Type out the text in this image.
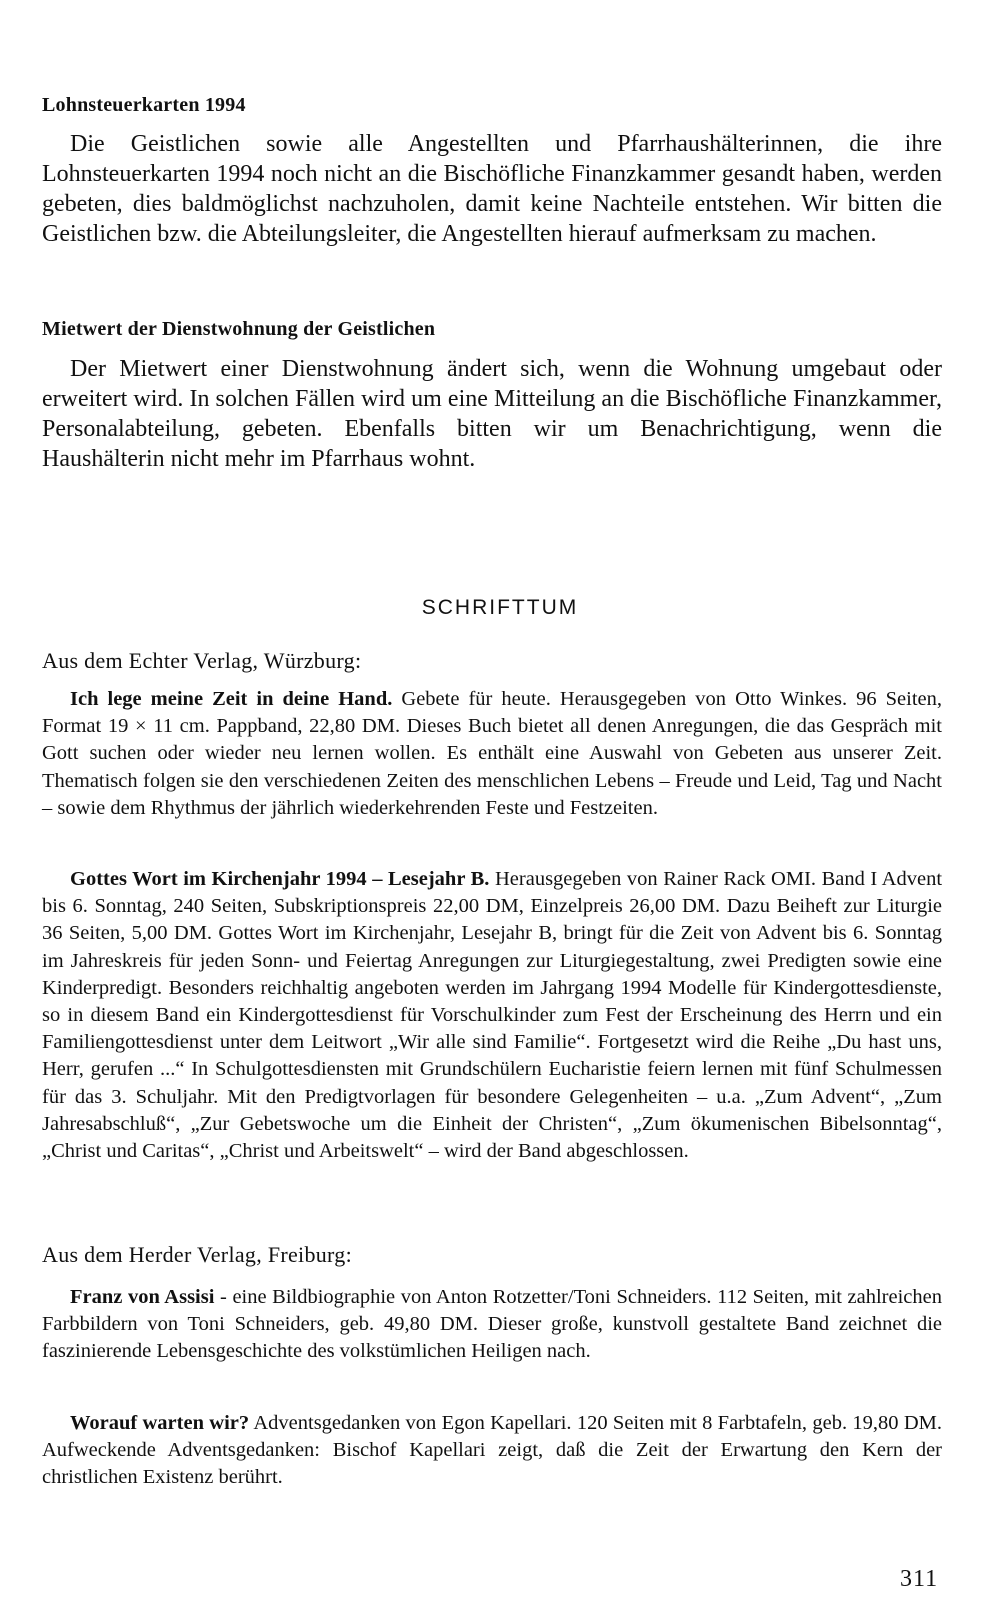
Lohnsteuerkarten 1994
Die Geistlichen sowie alle Angestellten und Pfarrhaushälterinnen, die ihre Lohnsteuerkarten 1994 noch nicht an die Bischöfliche Finanzkammer gesandt haben, werden gebeten, dies baldmöglichst nachzuholen, damit keine Nachteile entstehen. Wir bitten die Geistlichen bzw. die Abteilungsleiter, die Angestellten hierauf aufmerksam zu machen.
Mietwert der Dienstwohnung der Geistlichen
Der Mietwert einer Dienstwohnung ändert sich, wenn die Wohnung umgebaut oder erweitert wird. In solchen Fällen wird um eine Mitteilung an die Bischöfliche Finanzkammer, Personalabteilung, gebeten. Ebenfalls bitten wir um Benachrichtigung, wenn die Haushälterin nicht mehr im Pfarrhaus wohnt.
Aus dem Echter Verlag, Würzburg:
Ich lege meine Zeit in deine Hand. Gebete für heute. Herausgegeben von Otto Winkes. 96 Seiten, Format 19 × 11 cm. Pappband, 22,80 DM. Dieses Buch bietet all denen Anregungen, die das Gespräch mit Gott suchen oder wieder neu lernen wollen. Es enthält eine Auswahl von Gebeten aus unserer Zeit. Thematisch folgen sie den verschiedenen Zeiten des menschlichen Lebens – Freude und Leid, Tag und Nacht – sowie dem Rhythmus der jährlich wiederkehrenden Feste und Festzeiten.
Gottes Wort im Kirchenjahr 1994 – Lesejahr B. Herausgegeben von Rainer Rack OMI. Band I Advent bis 6. Sonntag, 240 Seiten, Subskriptionspreis 22,00 DM, Einzelpreis 26,00 DM. Dazu Beiheft zur Liturgie 36 Seiten, 5,00 DM. Gottes Wort im Kirchenjahr, Lesejahr B, bringt für die Zeit von Advent bis 6. Sonntag im Jahreskreis für jeden Sonn- und Feiertag Anregungen zur Liturgiegestaltung, zwei Predigten sowie eine Kinderpredigt. Besonders reichhaltig angeboten werden im Jahrgang 1994 Modelle für Kindergottesdienste, so in diesem Band ein Kindergottesdienst für Vorschulkinder zum Fest der Erscheinung des Herrn und ein Familiengottesdienst unter dem Leitwort „Wir alle sind Familie“. Fortgesetzt wird die Reihe „Du hast uns, Herr, gerufen ...“ In Schulgottesdiensten mit Grundschülern Eucharistie feiern lernen mit fünf Schulmessen für das 3. Schuljahr. Mit den Predigtvorlagen für besondere Gelegenheiten – u.a. „Zum Advent“, „Zum Jahresabschluß“, „Zur Gebetswoche um die Einheit der Christen“, „Zum ökumenischen Bibelsonntag“, „Christ und Caritas“, „Christ und Arbeitswelt“ – wird der Band abgeschlossen.
Aus dem Herder Verlag, Freiburg:
Franz von Assisi - eine Bildbiographie von Anton Rotzetter/Toni Schneiders. 112 Seiten, mit zahlreichen Farbbildern von Toni Schneiders, geb. 49,80 DM. Dieser große, kunstvoll gestaltete Band zeichnet die faszinierende Lebensgeschichte des volkstümlichen Heiligen nach.
Worauf warten wir? Adventsgedanken von Egon Kapellari. 120 Seiten mit 8 Farbtafeln, geb. 19,80 DM. Aufweckende Adventsgedanken: Bischof Kapellari zeigt, daß die Zeit der Erwartung den Kern der christlichen Existenz berührt.
SCHRIFTTUM
311
